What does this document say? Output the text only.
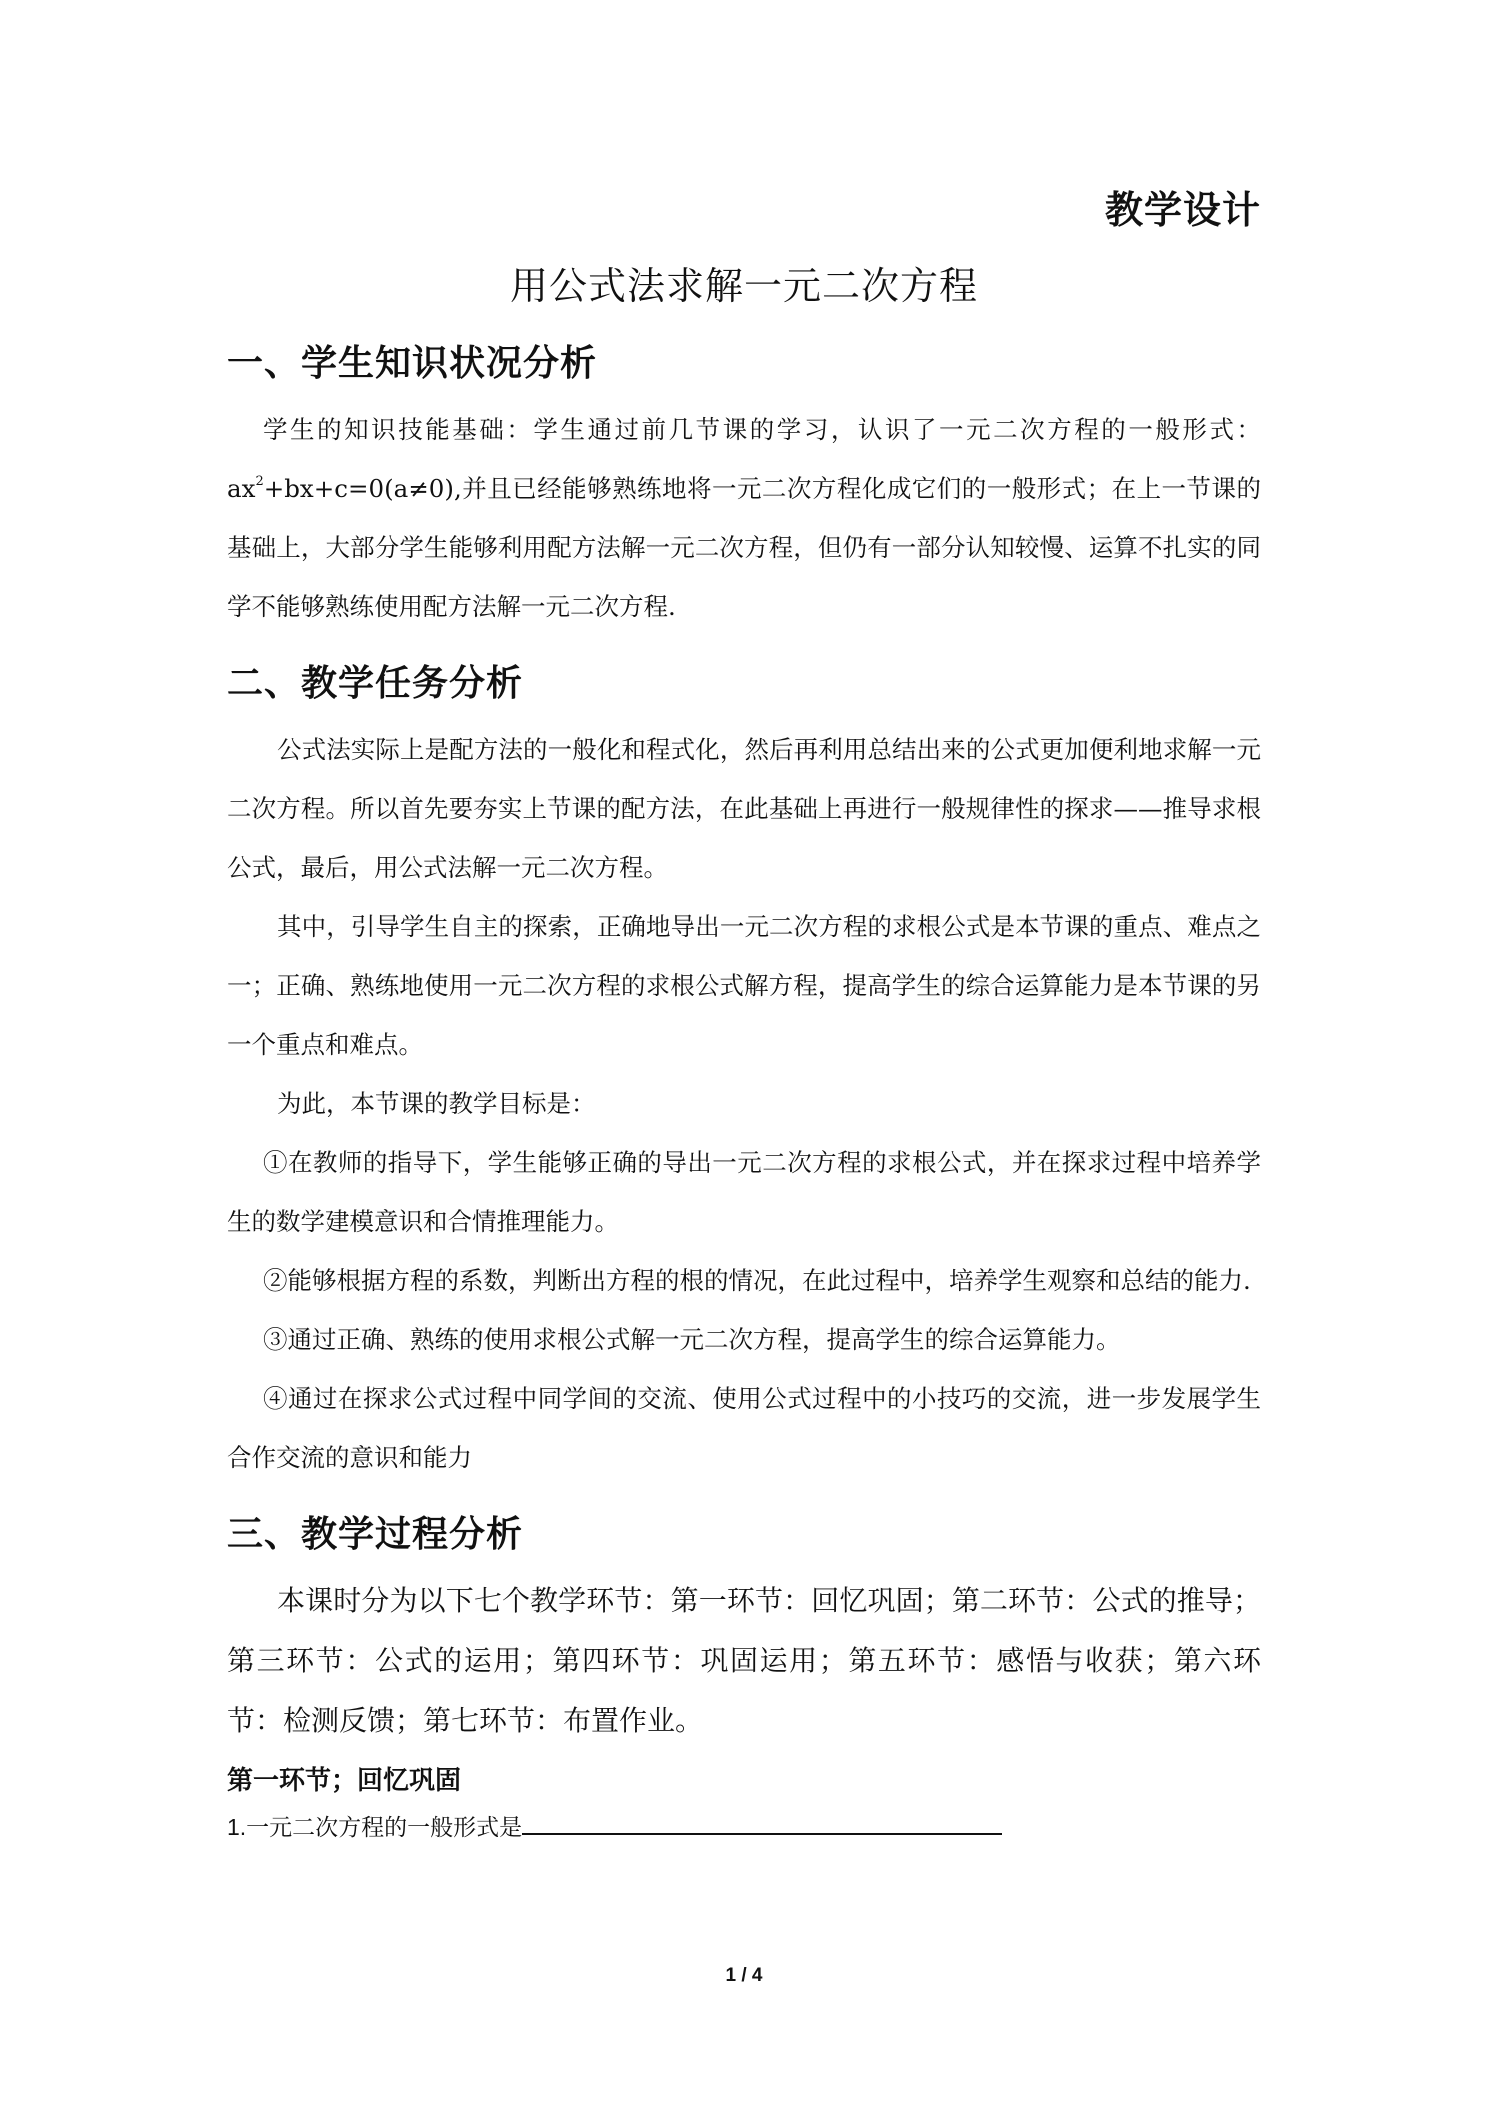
教学设计
用公式法求解一元二次方程
一、学生知识状况分析

学生的知识技能基础：学生通过前几节课的学习，认识了一元二次方程的一般形式：$ax^2+bx+c=0(a\ne 0)$,并且已经能够熟练地将一元二次方程化成它们的一般形式；在上一节课的基础上，大部分学生能够利用配方法解一元二次方程，但仍有一部分认知较慢、运算不扎实的同学不能够熟练使用配方法解一元二次方程.

二、教学任务分析

公式法实际上是配方法的一般化和程式化，然后再利用总结出来的公式更加便利地求解一元二次方程。所以首先要夯实上节课的配方法，在此基础上再进行一般规律性的探求——推导求根公式，最后，用公式法解一元二次方程。

其中，引导学生自主的探索，正确地导出一元二次方程的求根公式是本节课的重点、难点之一；正确、熟练地使用一元二次方程的求根公式解方程，提高学生的综合运算能力是本节课的另一个重点和难点。

为此，本节课的教学目标是：

①在教师的指导下，学生能够正确的导出一元二次方程的求根公式，并在探求过程中培养学生的数学建模意识和合情推理能力。

②能够根据方程的系数，判断出方程的根的情况，在此过程中，培养学生观察和总结的能力.

③通过正确、熟练的使用求根公式解一元二次方程，提高学生的综合运算能力。

④通过在探求公式过程中同学间的交流、使用公式过程中的小技巧的交流，进一步发展学生合作交流的意识和能力

三、教学过程分析

本课时分为以下七个教学环节：第一环节：回忆巩固；第二环节：公式的推导；第三环节：公式的运用；第四环节：巩固运用；第五环节：感悟与收获；第六环节：检测反馈；第七环节：布置作业。

第一环节；回忆巩固

1.一元二次方程的一般形式是

1 / 4
